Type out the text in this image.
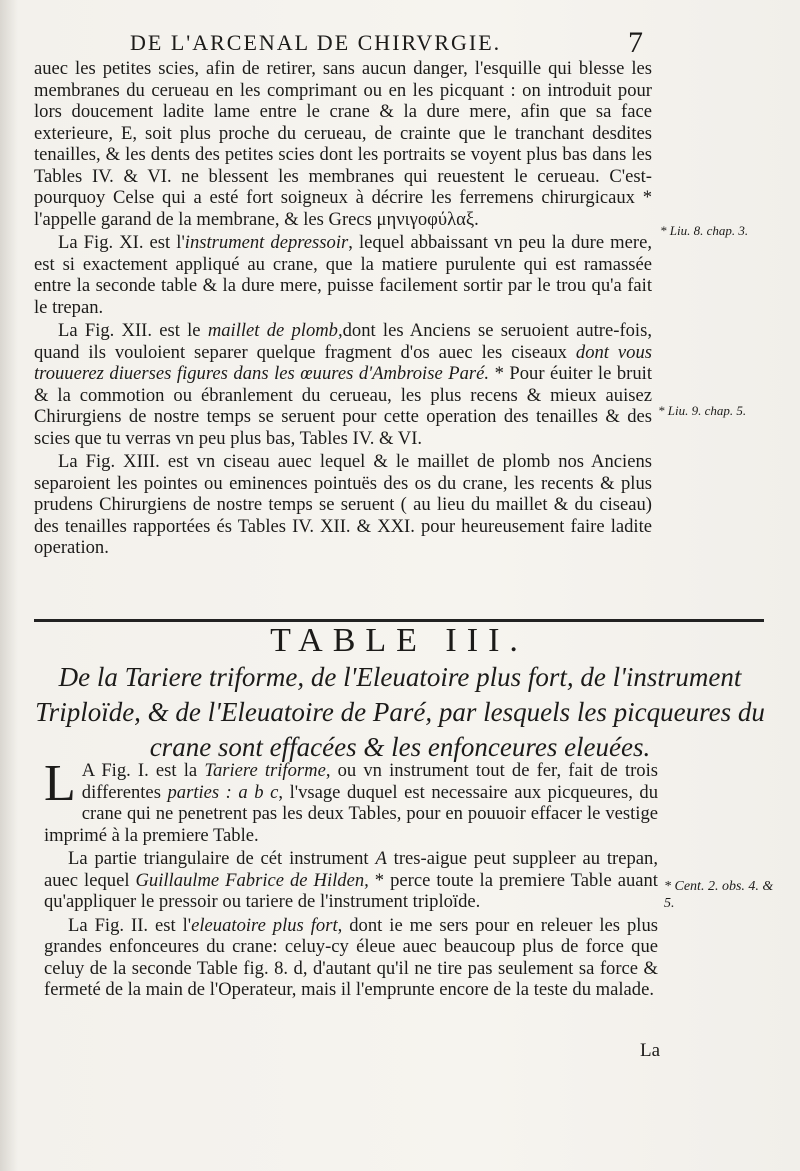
DE L'ARCENAL DE CHIRVRGIE.	7

auec les petites scies, afin de retirer, sans aucun danger, l'esquille qui blesse les membranes du cerueau en les comprimant ou en les picquant : on introduit pour lors doucement ladite lame entre le crane & la dure mere, afin que sa face exterieure, E, soit plus proche du cerueau, de crainte que le tranchant desdites tenailles, & les dents des petites scies dont les portraits se voyent plus bas dans les Tables IV. & VI. ne blessent les membranes qui reuestent le cerueau. C'est-pourquoy Celse qui a esté fort soigneux à décrire les ferremens chirurgicaux * l'appelle garand de la membrane, & les Grecs μηνιγοφύλαξ.

La Fig. XI. est l'instrument depressoir, lequel abbaissant vn peu la dure mere, est si exactement appliqué au crane, que la matiere purulente qui est ramassée entre la seconde table & la dure mere, puisse facilement sortir par le trou qu'a fait le trepan.

La Fig. XII. est le maillet de plomb,dont les Anciens se seruoient autre-fois, quand ils vouloient separer quelque fragment d'os auec les ciseaux dont vous trouuerez diuerses figures dans les œuures d'Ambroise Paré. * Pour éuiter le bruit & la commotion ou ébranlement du cerueau, les plus recens & mieux auisez Chirurgiens de nostre temps se seruent pour cette operation des tenailles & des scies que tu verras vn peu plus bas, Tables IV. & VI.

La Fig. XIII. est vn ciseau auec lequel & le maillet de plomb nos Anciens separoient les pointes ou eminences pointuës des os du crane, les recents & plus prudens Chirurgiens de nostre temps se seruent ( au lieu du maillet & du ciseau) des tenailles rapportées és Tables IV. XII. & XXI. pour heureusement faire ladite operation.

* Liu. 8. chap. 3.
* Liu. 9. chap. 5.
TABLE III.
De la Tariere triforme, de l'Eleuatoire plus fort, de l'instrument Triploïde, & de l'Eleuatoire de Paré, par lesquels les picqueures du crane sont effacées & les enfonceures eleuées.

L A Fig. I. est la Tariere triforme, ou vn instrument tout de fer, fait de trois differentes parties : a b c, l'vsage duquel est necessaire aux picqueures, du crane qui ne penetrent pas les deux Tables, pour en pouuoir effacer le vestige imprimé à la premiere Table.

La partie triangulaire de cét instrument A tres-aigue peut suppleer au trepan, auec lequel Guillaulme Fabrice de Hilden, * perce toute la premiere Table auant qu'appliquer le pressoir ou tariere de l'instrument triploïde.

La Fig. II. est l'eleuatoire plus fort, dont ie me sers pour en releuer les plus grandes enfonceures du crane: celuy-cy éleue auec beaucoup plus de force que celuy de la seconde Table fig. 8. d, d'autant qu'il ne tire pas seulement sa force & fermeté de la main de l'Operateur, mais il l'emprunte encore de la teste du malade.

* Cent. 2. obs. 4. & 5.
La
